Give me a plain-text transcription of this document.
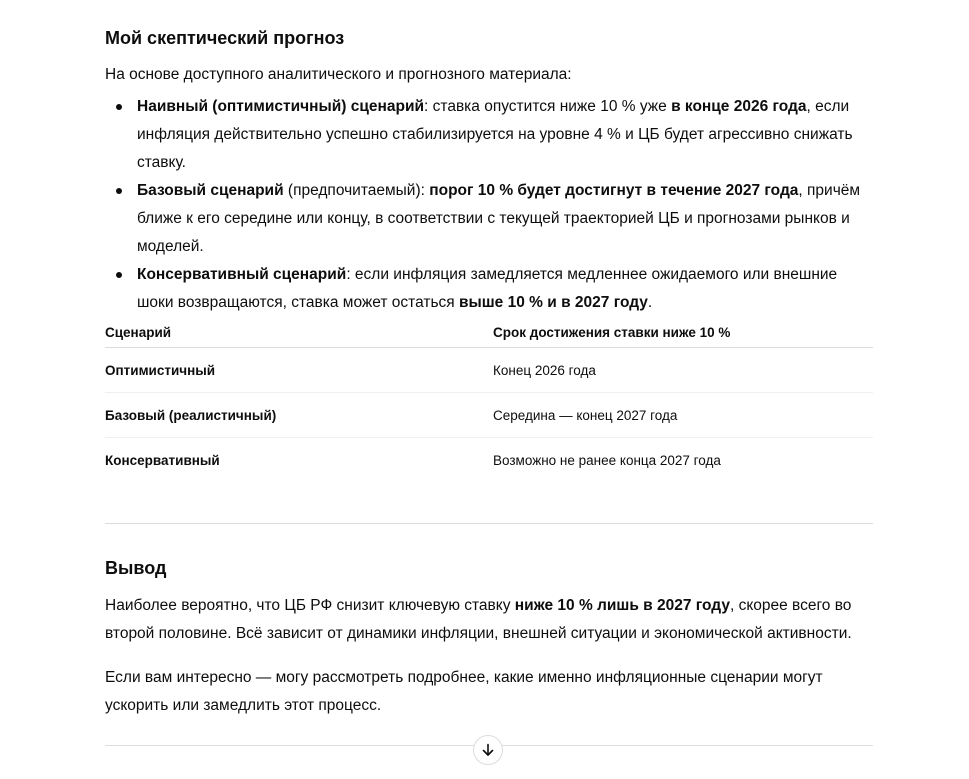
Мой скептический прогноз

На основе доступного аналитического и прогнозного материала:

Наивный (оптимистичный) сценарий: ставка опустится ниже 10 % уже в конце 2026 года, если инфляция действительно успешно стабилизируется на уровне 4 % и ЦБ будет агрессивно снижать ставку.
Базовый сценарий (предпочитаемый): порог 10 % будет достигнут в течение 2027 года, причём ближе к его середине или концу, в соответствии с текущей траекторией ЦБ и прогнозами рынков и моделей.
Консервативный сценарий: если инфляция замедляется медленнее ожидаемого или внешние шоки возвращаются, ставка может остаться выше 10 % и в 2027 году.
Сценарий	Срок достижения ставки ниже 10 %
Оптимистичный	Конец 2026 года
Базовый (реалистичный)	Середина — конец 2027 года
Консервативный	Возможно не ранее конца 2027 года
Вывод

Наиболее вероятно, что ЦБ РФ снизит ключевую ставку ниже 10 % лишь в 2027 году, скорее всего во второй половине. Всё зависит от динамики инфляции, внешней ситуации и экономической активности.

Если вам интересно — могу рассмотреть подробнее, какие именно инфляционные сценарии могут ускорить или замедлить этот процесс.
